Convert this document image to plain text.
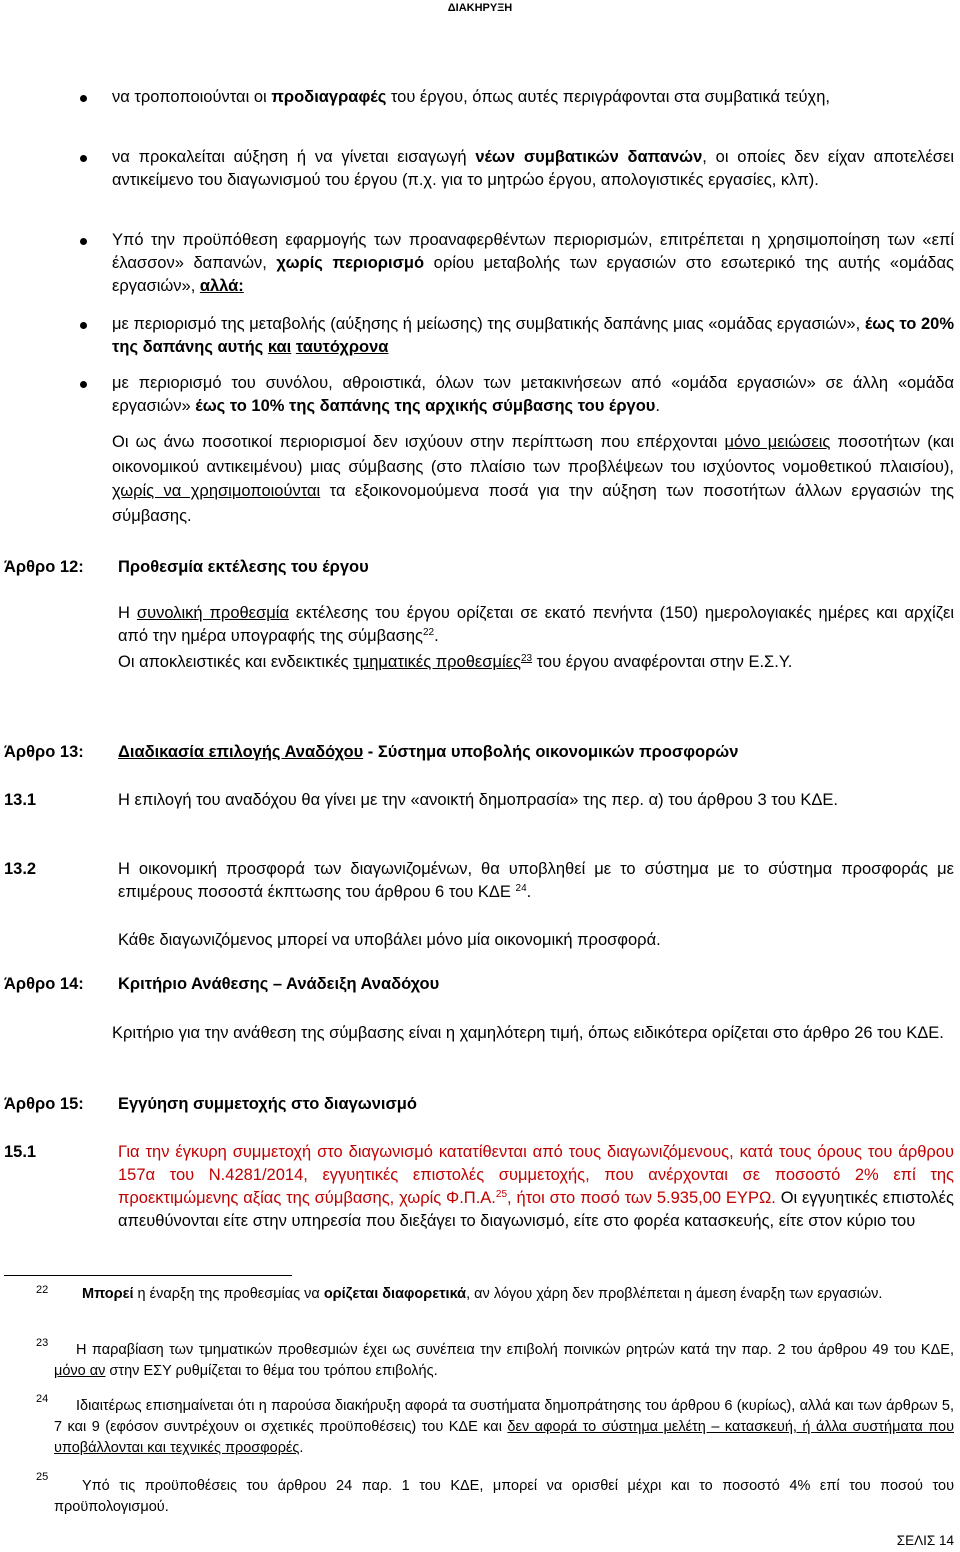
ΔΙΑΚΗΡΥΞΗ
να τροποποιούνται οι προδιαγραφές του έργου, όπως αυτές περιγράφονται στα συμβατικά τεύχη,
να προκαλείται αύξηση ή να γίνεται εισαγωγή νέων συμβατικών δαπανών, οι οποίες δεν είχαν αποτελέσει αντικείμενο του διαγωνισμού του έργου (π.χ. για το μητρώο έργου, απολογιστικές εργασίες, κλπ).
Υπό την προϋπόθεση εφαρμογής των προαναφερθέντων περιορισμών, επιτρέπεται η χρησιμοποίηση των «επί έλασσον» δαπανών, χωρίς περιορισμό ορίου μεταβολής των εργασιών στο εσωτερικό της αυτής «ομάδας εργασιών», αλλά:
με περιορισμό της μεταβολής (αύξησης ή μείωσης) της συμβατικής δαπάνης μιας «ομάδας εργασιών», έως το 20% της δαπάνης αυτής και ταυτόχρονα
με περιορισμό του συνόλου, αθροιστικά, όλων των μετακινήσεων από «ομάδα εργασιών» σε άλλη «ομάδα εργασιών» έως το 10% της δαπάνης της αρχικής σύμβασης του έργου.
Οι ως άνω ποσοτικοί περιορισμοί δεν ισχύουν στην περίπτωση που επέρχονται μόνο μειώσεις ποσοτήτων (και οικονομικού αντικειμένου) μιας σύμβασης (στο πλαίσιο των προβλέψεων του ισχύοντος νομοθετικού πλαισίου), χωρίς να χρησιμοποιούνται τα εξοικονομούμενα ποσά για την αύξηση των ποσοτήτων άλλων εργασιών της σύμβασης.
Άρθρο 12: Προθεσμία εκτέλεσης του έργου
Η συνολική προθεσμία εκτέλεσης του έργου ορίζεται σε εκατό πενήντα (150) ημερολογιακές ημέρες και αρχίζει από την ημέρα υπογραφής της σύμβασης$^{22}$.
Οι αποκλειστικές και ενδεικτικές τμηματικές προθεσμίες$^{23}$ του έργου αναφέρονται στην Ε.Σ.Υ.
Άρθρο 13: Διαδικασία επιλογής Αναδόχου - Σύστημα υποβολής οικονομικών προσφορών
13.1	Η επιλογή του αναδόχου θα γίνει με την «ανοικτή δημοπρασία» της περ. α) του άρθρου 3 του ΚΔΕ.
13.2	Η οικονομική προσφορά των διαγωνιζομένων, θα υποβληθεί με το σύστημα με το σύστημα προσφοράς με επιμέρους ποσοστά έκπτωσης του άρθρου 6 του ΚΔΕ $^{24}$.
Κάθε διαγωνιζόμενος μπορεί να υποβάλει μόνο μία οικονομική προσφορά.
Άρθρο 14: Κριτήριο Ανάθεσης – Ανάδειξη Αναδόχου
Κριτήριο για την ανάθεση της σύμβασης είναι η χαμηλότερη τιμή, όπως ειδικότερα ορίζεται στο άρθρο 26 του ΚΔΕ.
Άρθρο 15: Εγγύηση συμμετοχής στο διαγωνισμό
15.1	Για την έγκυρη συμμετοχή στο διαγωνισμό κατατίθενται από τους διαγωνιζόμενους, κατά τους όρους του άρθρου 157α του Ν.4281/2014, εγγυητικές επιστολές συμμετοχής, που ανέρχονται σε ποσοστό 2% επί της προεκτιμώμενης αξίας της σύμβασης, χωρίς Φ.Π.Α.$^{25}$, ήτοι στο ποσό των 5.935,00 ΕΥΡΩ. Οι εγγυητικές επιστολές απευθύνονται είτε στην υπηρεσία που διεξάγει το διαγωνισμό, είτε στο φορέα κατασκευής, είτε στον κύριο του
22	Μπορεί η έναρξη της προθεσμίας να ορίζεται διαφορετικά, αν λόγου χάρη δεν προβλέπεται η άμεση έναρξη των εργασιών.
23	Η παραβίαση των τμηματικών προθεσμιών έχει ως συνέπεια την επιβολή ποινικών ρητρών κατά την παρ. 2 του άρθρου 49 του ΚΔΕ, μόνο αν στην ΕΣΥ ρυθμίζεται το θέμα του τρόπου επιβολής.
24	Ιδιαιτέρως επισημαίνεται ότι η παρούσα διακήρυξη αφορά τα συστήματα δημοπράτησης του άρθρου 6 (κυρίως), αλλά και των άρθρων 5, 7 και 9 (εφόσον συντρέχουν οι σχετικές προϋποθέσεις) του ΚΔΕ και δεν αφορά το σύστημα μελέτη – κατασκευή, ή άλλα συστήματα που υποβάλλονται και τεχνικές προσφορές.
25
Υπό τις προϋποθέσεις του άρθρου 24 παρ. 1 του ΚΔΕ, μπορεί να ορισθεί μέχρι και το ποσοστό 4% επί του ποσού του προϋπολογισμού.
ΣΕΛΙΣ 14
